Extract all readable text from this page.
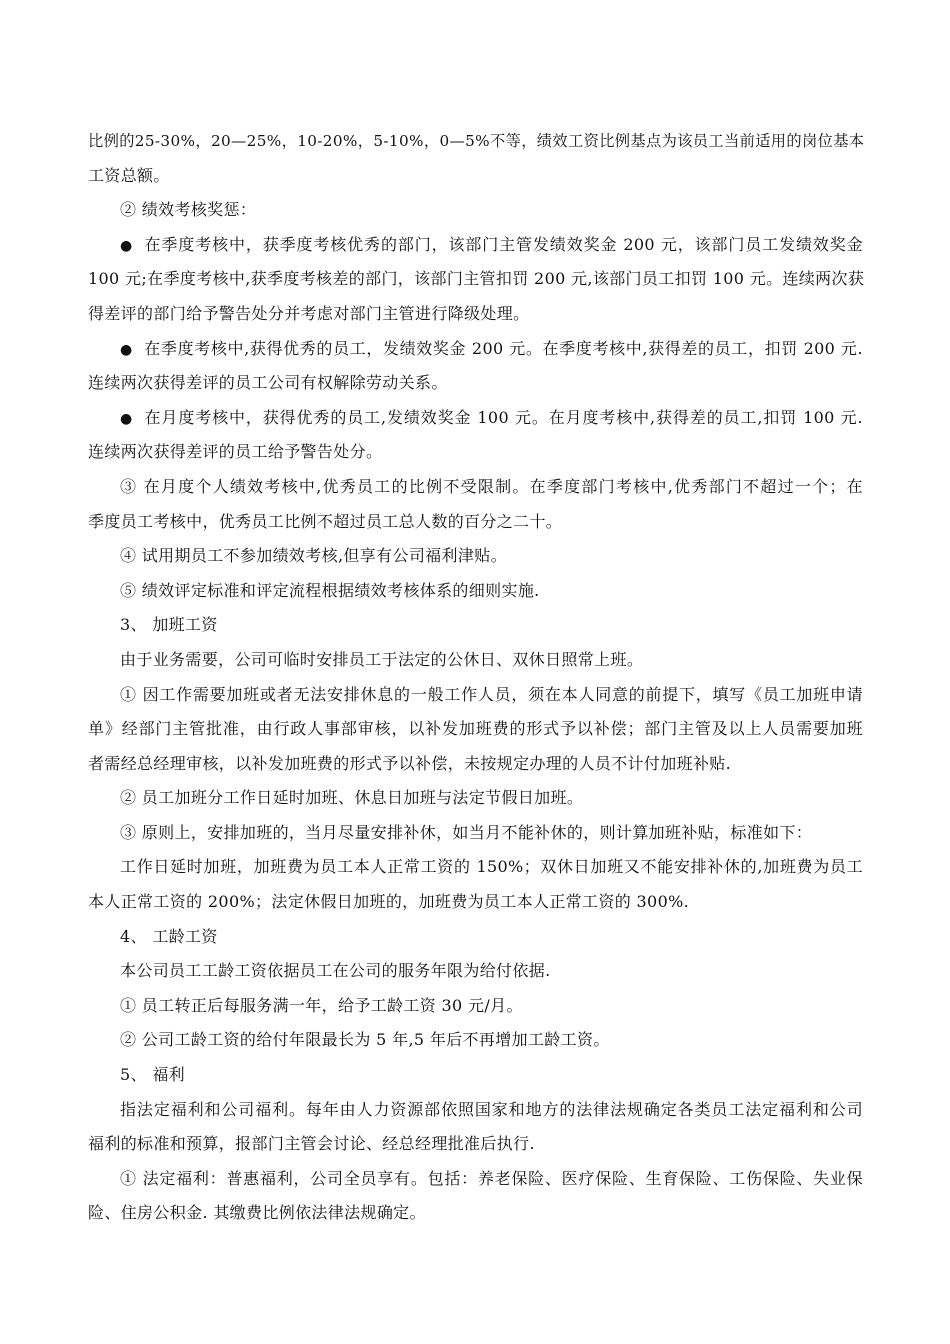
比例的25-30%，20—25%，10-20%，5-10%，0—5%不等，绩效工资比例基点为该员工当前适用的岗位基本
工资总额。
② 绩效考核奖惩：
● 在季度考核中，获季度考核优秀的部门，该部门主管发绩效奖金 200 元，该部门员工发绩效奖金
100 元;在季度考核中,获季度考核差的部门，该部门主管扣罚 200 元,该部门员工扣罚 100 元。连续两次获
得差评的部门给予警告处分并考虑对部门主管进行降级处理。
● 在季度考核中,获得优秀的员工，发绩效奖金 200 元。在季度考核中,获得差的员工，扣罚 200 元.
连续两次获得差评的员工公司有权解除劳动关系。
● 在月度考核中，获得优秀的员工,发绩效奖金 100 元。在月度考核中,获得差的员工,扣罚 100 元.
连续两次获得差评的员工给予警告处分。
③ 在月度个人绩效考核中,优秀员工的比例不受限制。在季度部门考核中,优秀部门不超过一个；在
季度员工考核中，优秀员工比例不超过员工总人数的百分之二十。
④ 试用期员工不参加绩效考核,但享有公司福利津贴。
⑤ 绩效评定标准和评定流程根据绩效考核体系的细则实施.
3、 加班工资
由于业务需要，公司可临时安排员工于法定的公休日、双休日照常上班。
① 因工作需要加班或者无法安排休息的一般工作人员，须在本人同意的前提下，填写《员工加班申请
单》经部门主管批准，由行政人事部审核，以补发加班费的形式予以补偿；部门主管及以上人员需要加班
者需经总经理审核，以补发加班费的形式予以补偿，未按规定办理的人员不计付加班补贴.
② 员工加班分工作日延时加班、休息日加班与法定节假日加班。
③ 原则上，安排加班的，当月尽量安排补休，如当月不能补休的，则计算加班补贴，标准如下：
工作日延时加班，加班费为员工本人正常工资的 150%；双休日加班又不能安排补休的,加班费为员工
本人正常工资的 200%；法定休假日加班的，加班费为员工本人正常工资的 300%.
4、 工龄工资
本公司员工工龄工资依据员工在公司的服务年限为给付依据.
① 员工转正后每服务满一年，给予工龄工资 30 元/月。
② 公司工龄工资的给付年限最长为 5 年,5 年后不再增加工龄工资。
5、 福利
指法定福利和公司福利。每年由人力资源部依照国家和地方的法律法规确定各类员工法定福利和公司
福利的标准和预算，报部门主管会讨论、经总经理批准后执行.
① 法定福利：普惠福利，公司全员享有。包括：养老保险、医疗保险、生育保险、工伤保险、失业保
险、住房公积金. 其缴费比例依法律法规确定。
